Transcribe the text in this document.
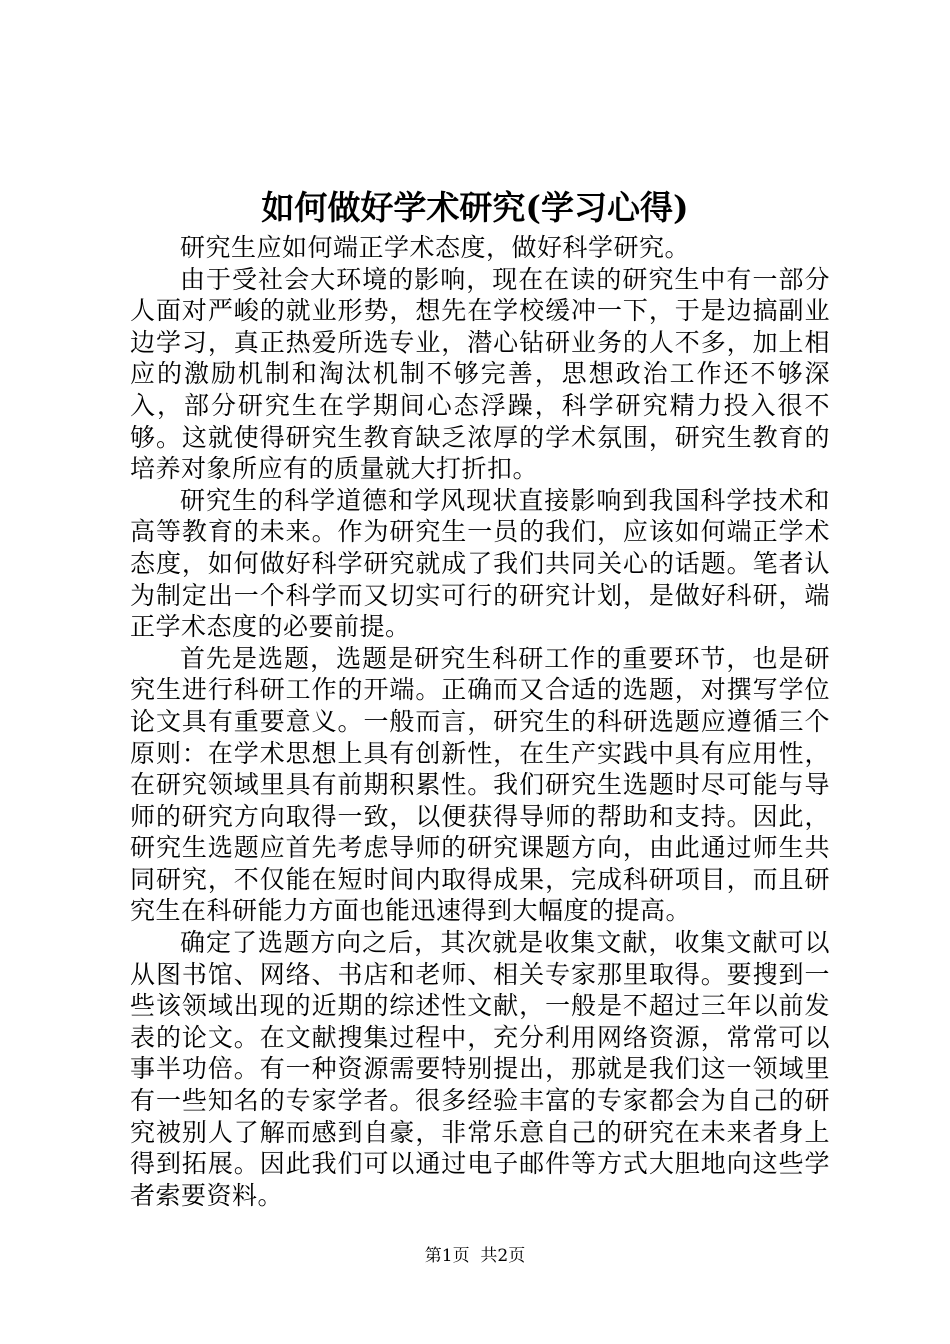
如何做好学术研究(学习心得)

研究生应如何端正学术态度，做好科学研究。

由于受社会大环境的影响，现在在读的研究生中有一部分人面对严峻的就业形势，想先在学校缓冲一下，于是边搞副业边学习，真正热爱所选专业，潜心钻研业务的人不多，加上相应的激励机制和淘汰机制不够完善，思想政治工作还不够深入，部分研究生在学期间心态浮躁，科学研究精力投入很不够。这就使得研究生教育缺乏浓厚的学术氛围，研究生教育的培养对象所应有的质量就大打折扣。

研究生的科学道德和学风现状直接影响到我国科学技术和高等教育的未来。作为研究生一员的我们，应该如何端正学术态度，如何做好科学研究就成了我们共同关心的话题。笔者认为制定出一个科学而又切实可行的研究计划，是做好科研，端正学术态度的必要前提。

首先是选题，选题是研究生科研工作的重要环节，也是研究生进行科研工作的开端。正确而又合适的选题，对撰写学位论文具有重要意义。一般而言，研究生的科研选题应遵循三个原则：在学术思想上具有创新性，在生产实践中具有应用性，在研究领域里具有前期积累性。我们研究生选题时尽可能与导师的研究方向取得一致，以便获得导师的帮助和支持。因此，研究生选题应首先考虑导师的研究课题方向，由此通过师生共同研究，不仅能在短时间内取得成果，完成科研项目，而且研究生在科研能力方面也能迅速得到大幅度的提高。

确定了选题方向之后，其次就是收集文献，收集文献可以从图书馆、网络、书店和老师、相关专家那里取得。要搜到一些该领域出现的近期的综述性文献，一般是不超过三年以前发表的论文。在文献搜集过程中，充分利用网络资源，常常可以事半功倍。有一种资源需要特别提出，那就是我们这一领域里有一些知名的专家学者。很多经验丰富的专家都会为自己的研究被别人了解而感到自豪，非常乐意自己的研究在未来者身上得到拓展。因此我们可以通过电子邮件等方式大胆地向这些学者索要资料。

第1页 共2页
